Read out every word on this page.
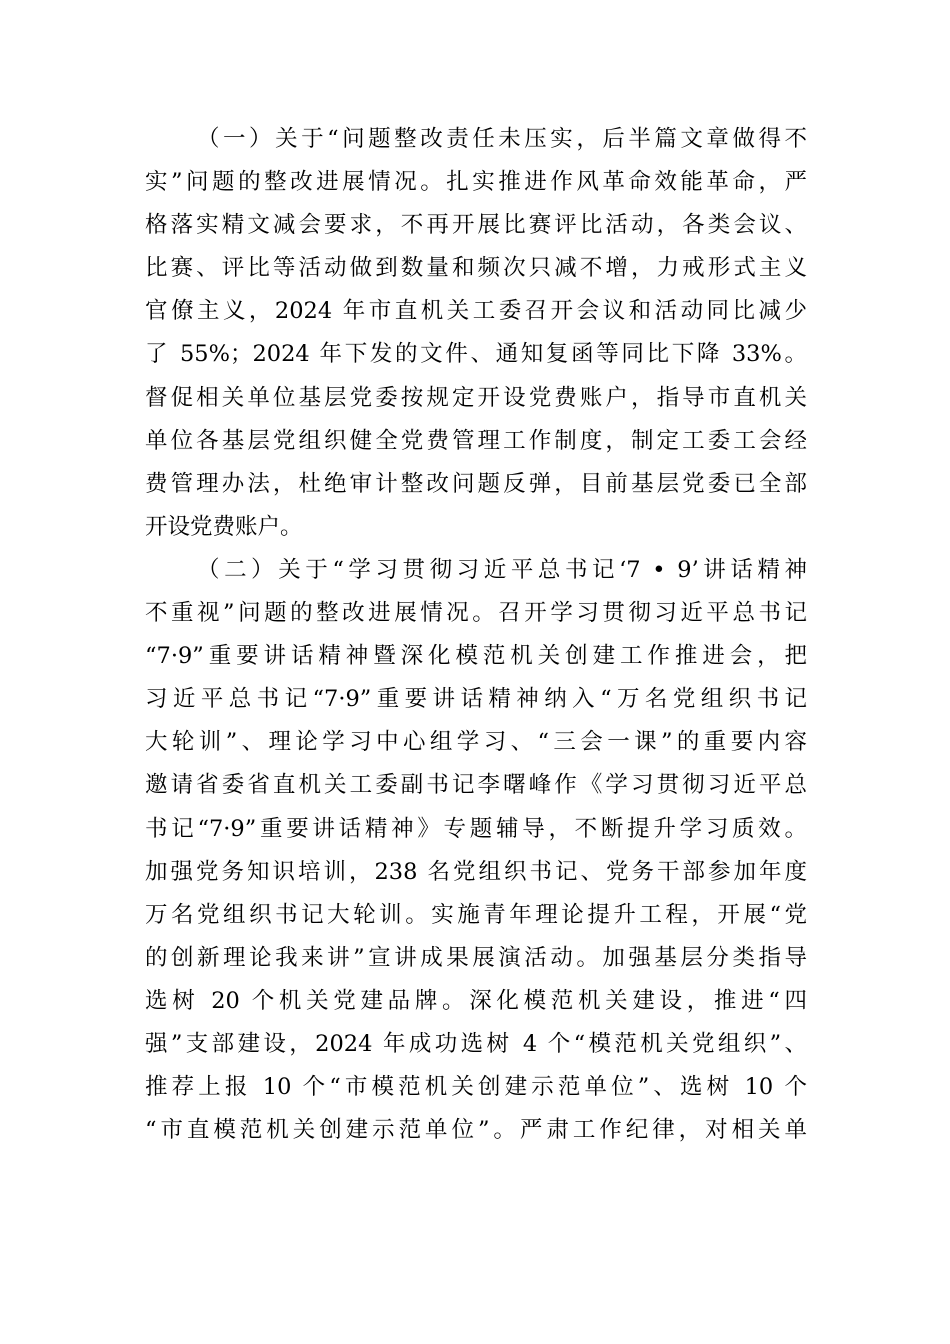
（一）关于“问题整改责任未压实，后半篇文章做得不
实”问题的整改进展情况。扎实推进作风革命效能革命，严
格落实精文减会要求，不再开展比赛评比活动，各类会议、
比赛、评比等活动做到数量和频次只减不增，力戒形式主义
官僚主义，2024 年市直机关工委召开会议和活动同比减少
了 55%；2024 年下发的文件、通知复函等同比下降 33%。
督促相关单位基层党委按规定开设党费账户，指导市直机关
单位各基层党组织健全党费管理工作制度，制定工委工会经
费管理办法，杜绝审计整改问题反弹，目前基层党委已全部
开设党费账户。

（二）关于“学习贯彻习近平总书记‘7 • 9’讲话精神
不重视”问题的整改进展情况。召开学习贯彻习近平总书记
“7·9”重要讲话精神暨深化模范机关创建工作推进会，把
习近平总书记“7·9”重要讲话精神纳入“万名党组织书记
大轮训”、理论学习中心组学习、“三会一课”的重要内容
邀请省委省直机关工委副书记李曙峰作《学习贯彻习近平总
书记“7·9”重要讲话精神》专题辅导，不断提升学习质效。
加强党务知识培训，238 名党组织书记、党务干部参加年度
万名党组织书记大轮训。实施青年理论提升工程，开展“党
的创新理论我来讲”宣讲成果展演活动。加强基层分类指导
选树 20 个机关党建品牌。深化模范机关建设，推进“四
强”支部建设，2024 年成功选树 4 个“模范机关党组织”、
推荐上报 10 个“市模范机关创建示范单位”、选树 10 个
“市直模范机关创建示范单位”。严肃工作纪律，对相关单
